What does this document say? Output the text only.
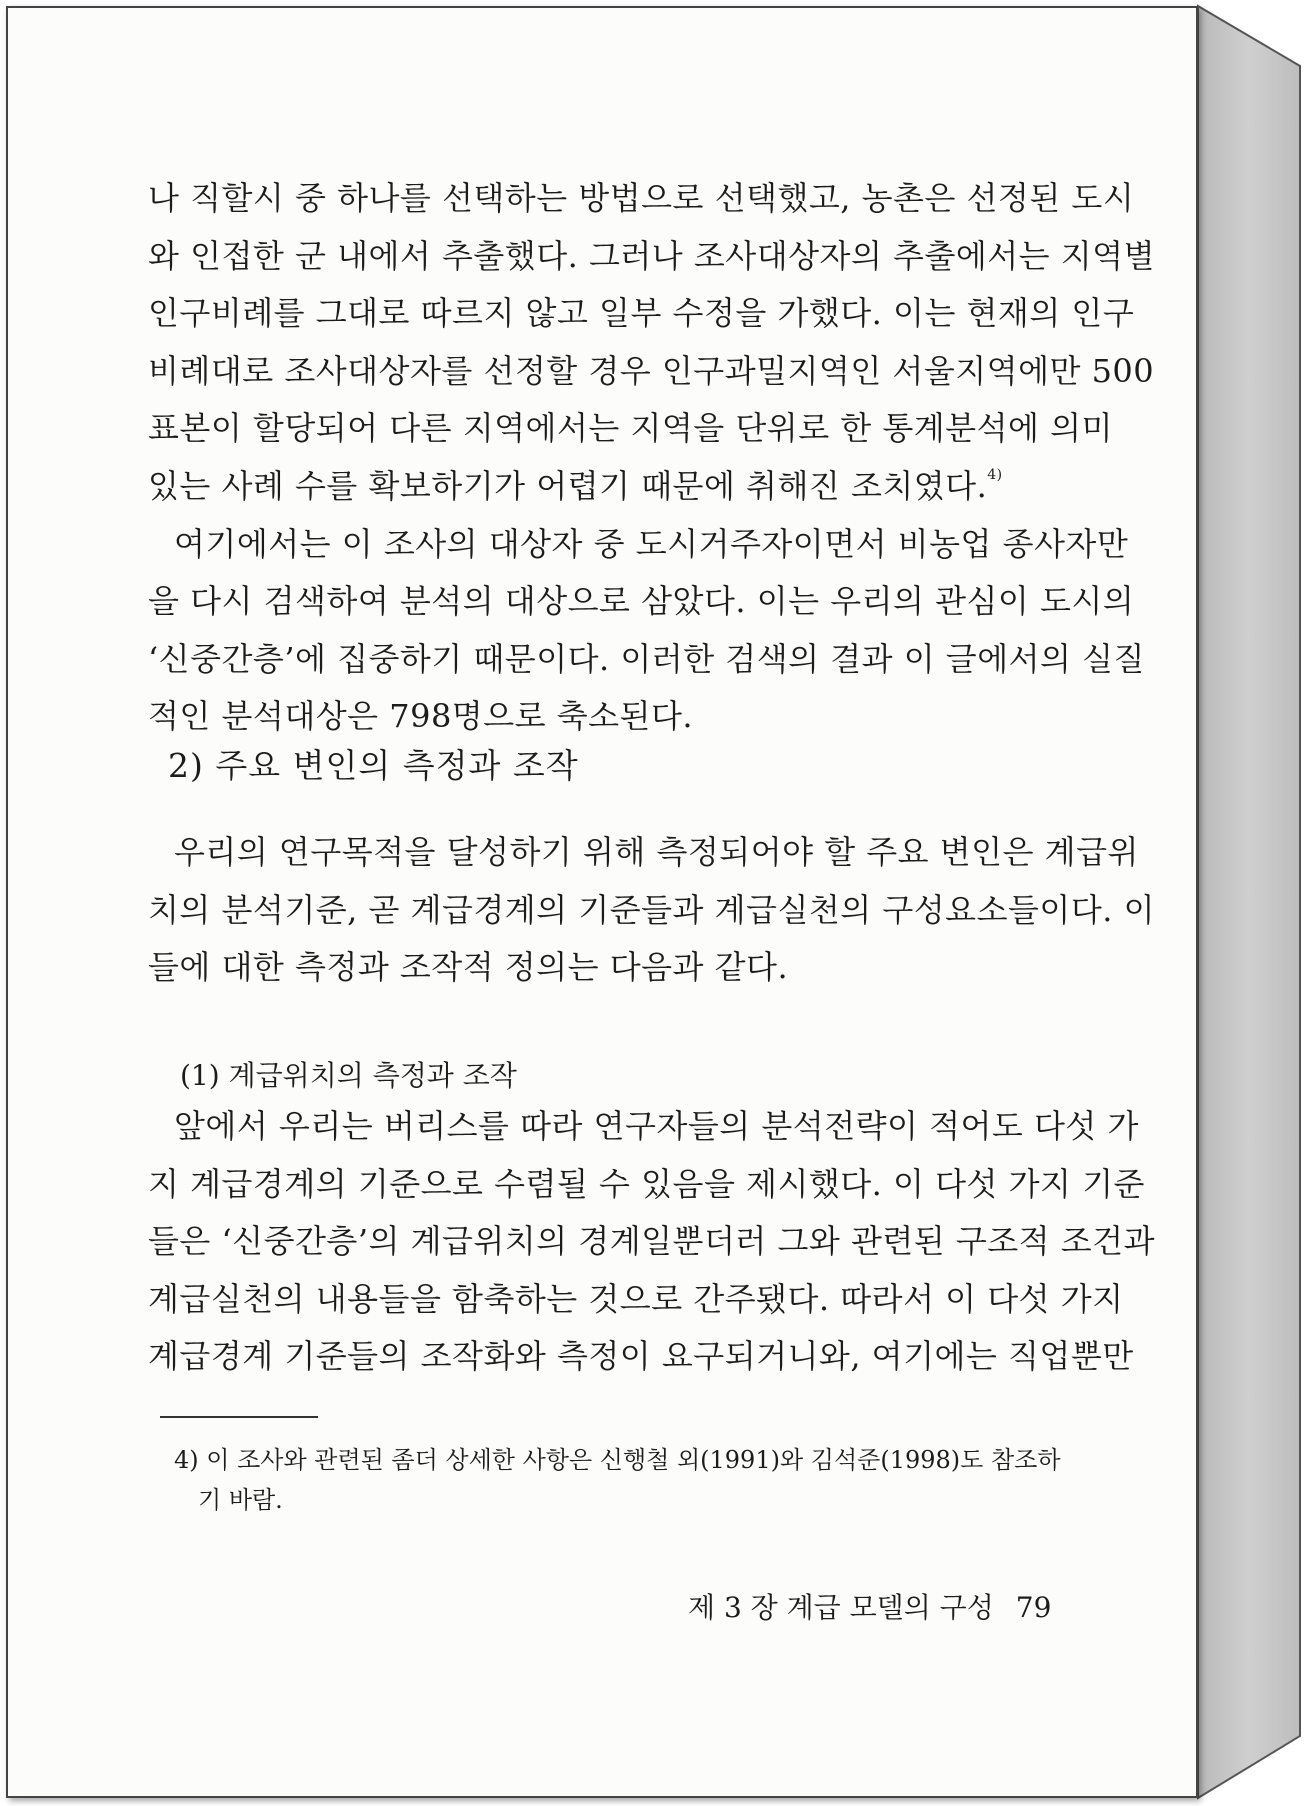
나 직할시 중 하나를 선택하는 방법으로 선택했고, 농촌은 선정된 도시
와 인접한 군 내에서 추출했다. 그러나 조사대상자의 추출에서는 지역별
인구비례를 그대로 따르지 않고 일부 수정을 가했다. 이는 현재의 인구
비례대로 조사대상자를 선정할 경우 인구과밀지역인 서울지역에만 500
표본이 할당되어 다른 지역에서는 지역을 단위로 한 통계분석에 의미
있는 사례 수를 확보하기가 어렵기 때문에 취해진 조치였다.$^{4)}$

여기에서는 이 조사의 대상자 중 도시거주자이면서 비농업 종사자만
을 다시 검색하여 분석의 대상으로 삼았다. 이는 우리의 관심이 도시의
‘신중간층’에 집중하기 때문이다. 이러한 검색의 결과 이 글에서의 실질
적인 분석대상은 798명으로 축소된다.

2) 주요 변인의 측정과 조작

우리의 연구목적을 달성하기 위해 측정되어야 할 주요 변인은 계급위
치의 분석기준, 곧 계급경계의 기준들과 계급실천의 구성요소들이다. 이
들에 대한 측정과 조작적 정의는 다음과 같다.

(1) 계급위치의 측정과 조작

앞에서 우리는 버리스를 따라 연구자들의 분석전략이 적어도 다섯 가
지 계급경계의 기준으로 수렴될 수 있음을 제시했다. 이 다섯 가지 기준
들은 ‘신중간층’의 계급위치의 경계일뿐더러 그와 관련된 구조적 조건과
계급실천의 내용들을 함축하는 것으로 간주됐다. 따라서 이 다섯 가지
계급경계 기준들의 조작화와 측정이 요구되거니와, 여기에는 직업뿐만

4) 이 조사와 관련된 좀더 상세한 사항은 신행철 외(1991)와 김석준(1998)도 참조하
기 바람.
제 3 장 계급 모델의 구성 79
